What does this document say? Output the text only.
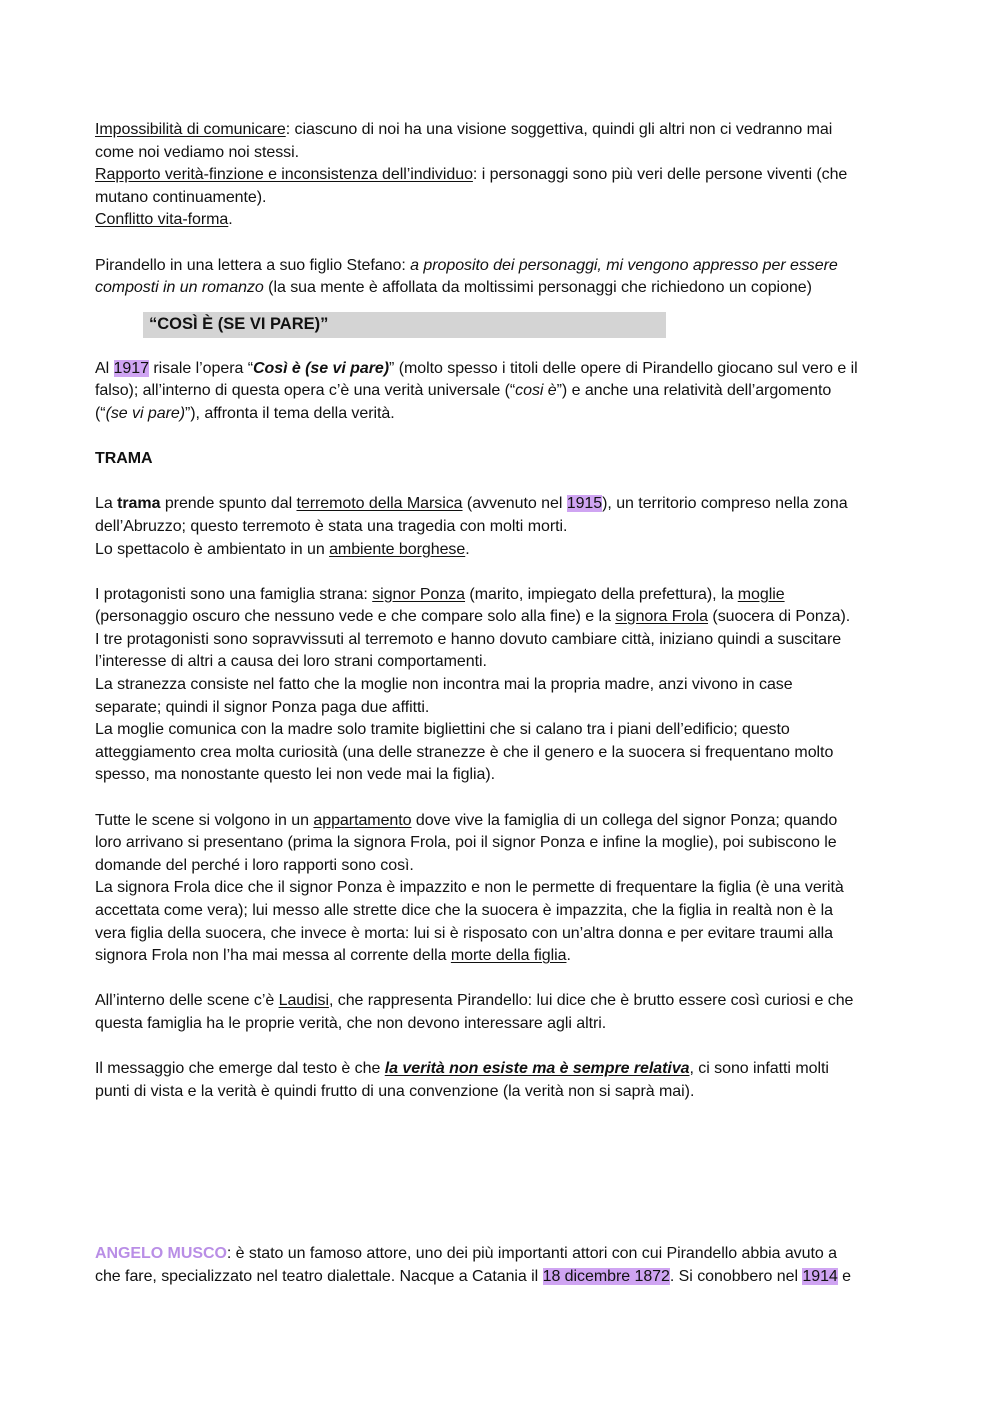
Impossibilità di comunicare: ciascuno di noi ha una visione soggettiva, quindi gli altri non ci vedranno mai

come noi vediamo noi stessi.

Rapporto verità-finzione e inconsistenza dell’individuo: i personaggi sono più veri delle persone viventi (che

mutano continuamente).

Conflitto vita-forma.

Pirandello in una lettera a suo figlio Stefano: a proposito dei personaggi, mi vengono appresso per essere

composti in un romanzo (la sua mente è affollata da moltissimi personaggi che richiedono un copione)

“COSÌ È (SE VI PARE)”

Al 1917 risale l’opera “Così è (se vi pare)” (molto spesso i titoli delle opere di Pirandello giocano sul vero e il

falso); all’interno di questa opera c’è una verità universale (“cosi è”) e anche una relatività dell’argomento

(“(se vi pare)”), affronta il tema della verità.

TRAMA

La trama prende spunto dal terremoto della Marsica (avvenuto nel 1915), un territorio compreso nella zona

dell’Abruzzo; questo terremoto è stata una tragedia con molti morti.

Lo spettacolo è ambientato in un ambiente borghese.

I protagonisti sono una famiglia strana: signor Ponza (marito, impiegato della prefettura), la moglie

(personaggio oscuro che nessuno vede e che compare solo alla fine) e la signora Frola (suocera di Ponza).

I tre protagonisti sono sopravvissuti al terremoto e hanno dovuto cambiare città, iniziano quindi a suscitare

l’interesse di altri a causa dei loro strani comportamenti.

La stranezza consiste nel fatto che la moglie non incontra mai la propria madre, anzi vivono in case

separate; quindi il signor Ponza paga due affitti.

La moglie comunica con la madre solo tramite bigliettini che si calano tra i piani dell’edificio; questo

atteggiamento crea molta curiosità (una delle stranezze è che il genero e la suocera si frequentano molto

spesso, ma nonostante questo lei non vede mai la figlia).

Tutte le scene si volgono in un appartamento dove vive la famiglia di un collega del signor Ponza; quando

loro arrivano si presentano (prima la signora Frola, poi il signor Ponza e infine la moglie), poi subiscono le

domande del perché i loro rapporti sono così.

La signora Frola dice che il signor Ponza è impazzito e non le permette di frequentare la figlia (è una verità

accettata come vera); lui messo alle strette dice che la suocera è impazzita, che la figlia in realtà non è la

vera figlia della suocera, che invece è morta: lui si è risposato con un’altra donna e per evitare traumi alla

signora Frola non l’ha mai messa al corrente della morte della figlia.

All’interno delle scene c’è Laudisi, che rappresenta Pirandello: lui dice che è brutto essere così curiosi e che

questa famiglia ha le proprie verità, che non devono interessare agli altri.

Il messaggio che emerge dal testo è che la verità non esiste ma è sempre relativa, ci sono infatti molti

punti di vista e la verità è quindi frutto di una convenzione (la verità non si saprà mai).

ANGELO MUSCO: è stato un famoso attore, uno dei più importanti attori con cui Pirandello abbia avuto a

che fare, specializzato nel teatro dialettale. Nacque a Catania il 18 dicembre 1872. Si conobbero nel 1914 e
